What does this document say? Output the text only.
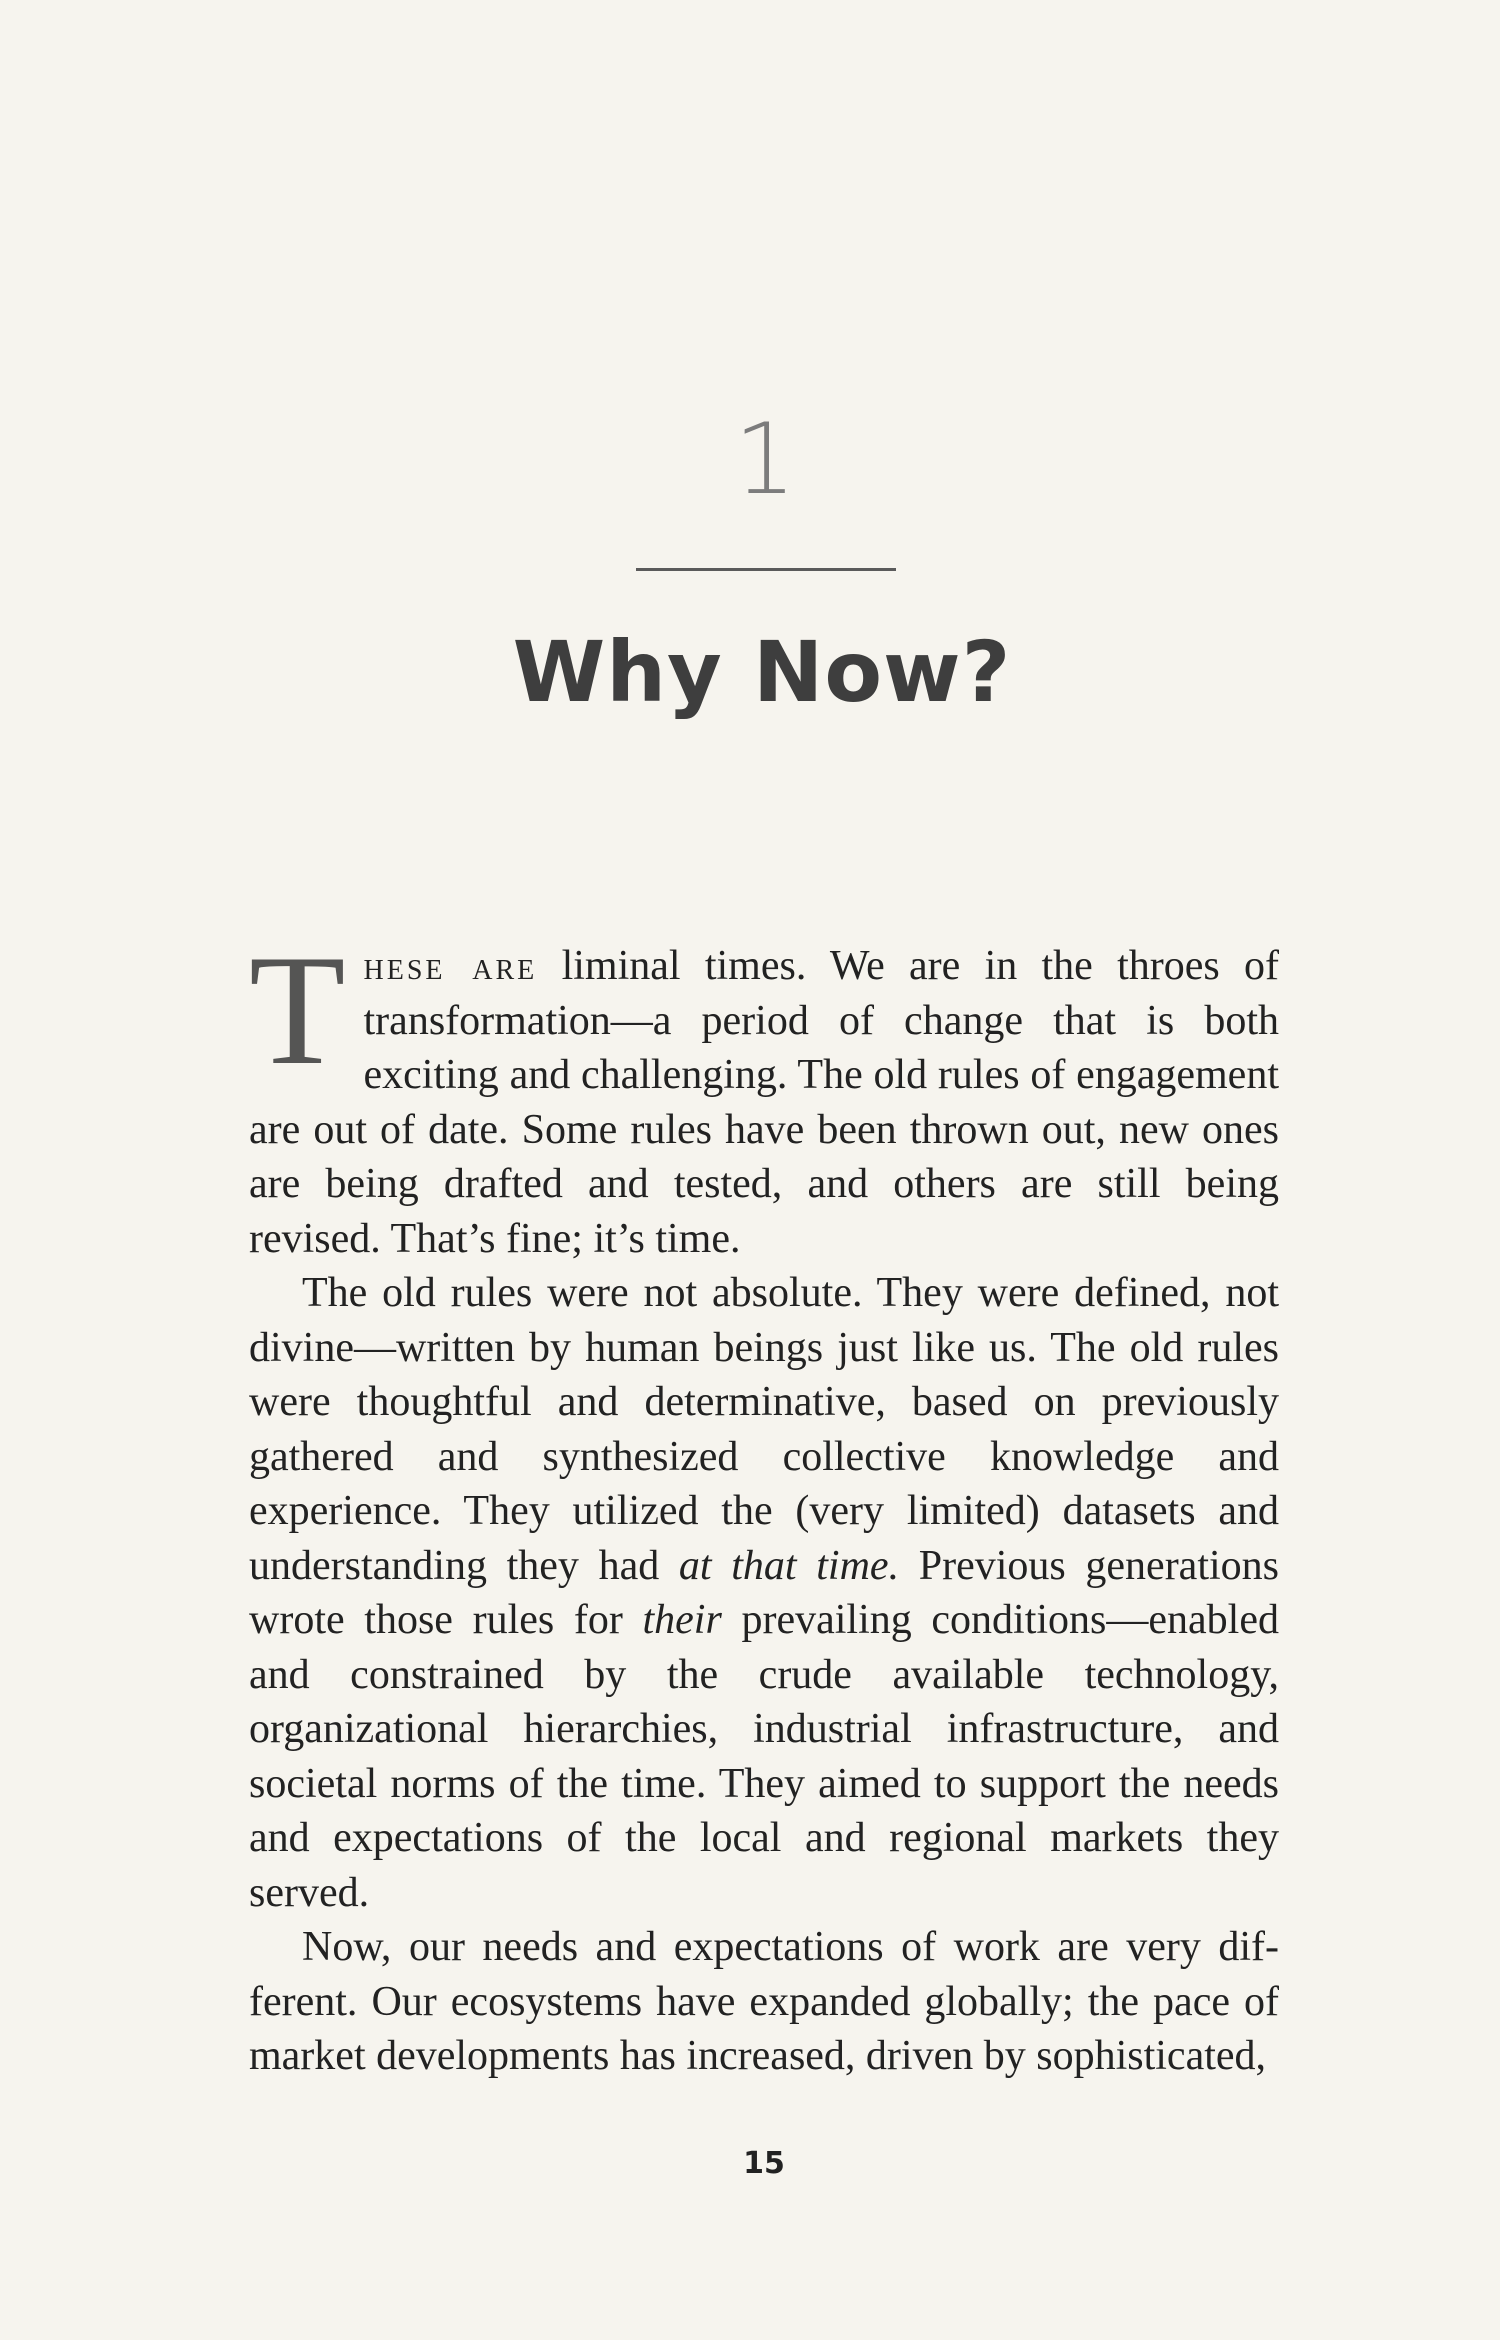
1
Why Now?

These are liminal times. We are in the throes of transformation—a period of change that is both exciting and challenging. The old rules of engagement are out of date. Some rules have been thrown out, new ones are being drafted and tested, and others are still being revised. That’s fine; it’s time.

The old rules were not absolute. They were defined, not divine—written by human beings just like us. The old rules were thoughtful and determinative, based on previously gathered and synthesized collective knowledge and experience. They utilized the (very limited) datasets and understanding they had at that time. Previous generations wrote those rules for their prevailing conditions—enabled and constrained by the crude available technology, organizational hierarchies, industrial infrastructure, and societal norms of the time. They aimed to support the needs and expectations of the local and regional markets they served.

Now, our needs and expectations of work are very different. Our ecosystems have expanded globally; the pace of market developments has increased, driven by sophisticated,

15
